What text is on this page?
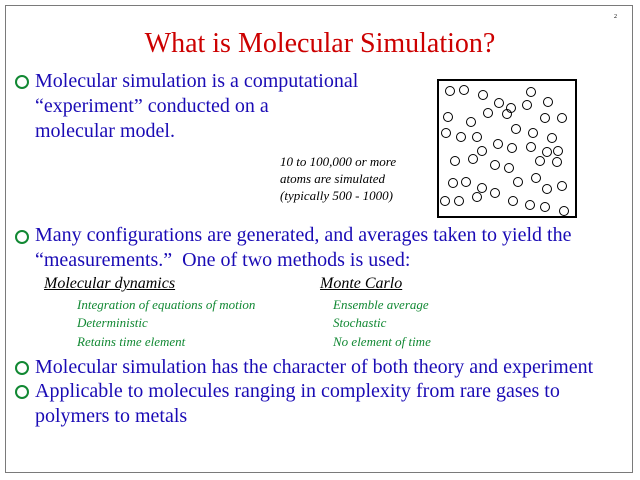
2
What is Molecular Simulation?
Molecular simulation is a computational
“experiment” conducted on a
molecular model.
10 to 100,000 or more
atoms are simulated
(typically 500 - 1000)
Many configurations are generated, and averages taken to yield the
“measurements.”  One of two methods is used:
Molecular dynamics
Integration of equations of motion
Deterministic
Retains time element
Monte Carlo
Ensemble average
Stochastic
No element of time
Molecular simulation has the character of both theory and experiment
Applicable to molecules ranging in complexity from rare gases to
polymers to metals
